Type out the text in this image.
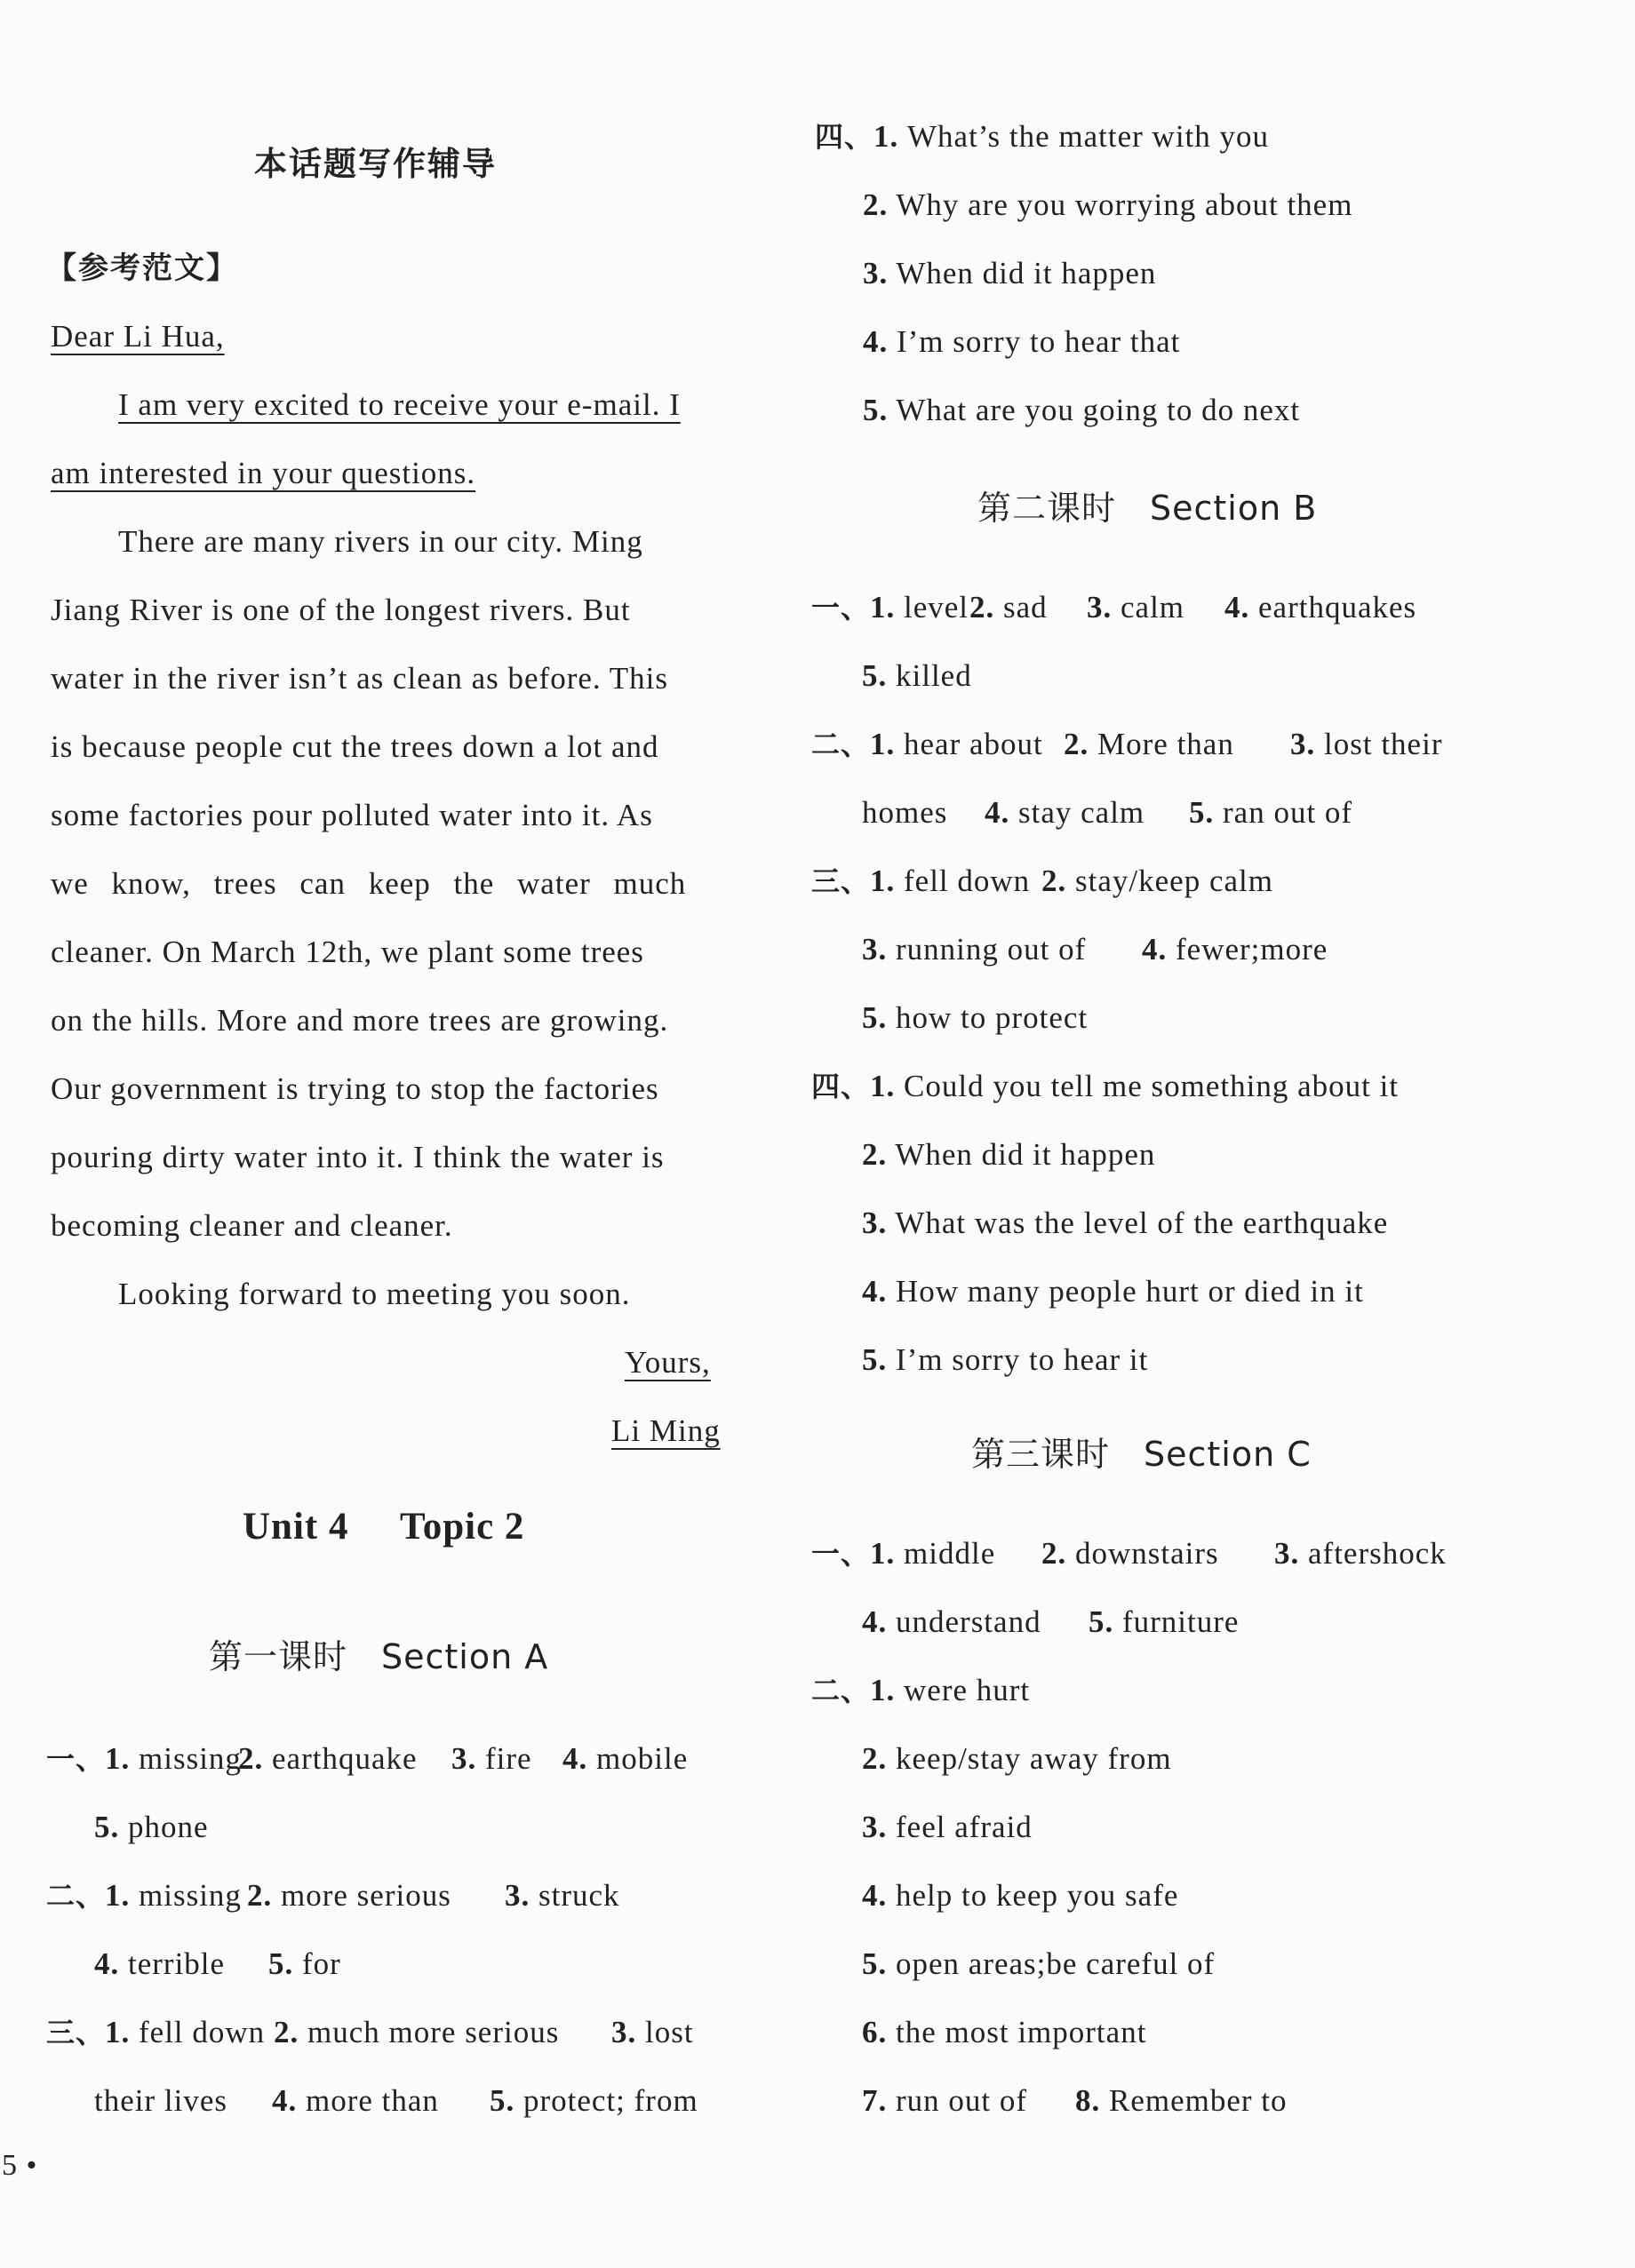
本话题写作辅导
【参考范文】
Dear Li Hua,
I am very excited to receive your e-mail. I
am interested in your questions.
There are many rivers in our city. Ming
Jiang River is one of the longest rivers. But
water in the river isn’t as clean as before. This
is because people cut the trees down a lot and
some factories pour polluted water into it. As
we know, trees can keep the water much
cleaner. On March 12th, we plant some trees
on the hills. More and more trees are growing.
Our government is trying to stop the factories
pouring dirty water into it. I think the water is
becoming cleaner and cleaner.
Looking forward to meeting you soon.
Yours,
Li Ming
Unit 4 Topic 2
第一课时 Section A
一、1. missing2. earthquake 3. fire 4. mobile
5. phone
二、1. missing 2. more serious 3. struck
4. terrible 5. for
三、1. fell down 2. much more serious 3. lost
their lives 4. more than 5. protect; from
5 •
四、1. What’s the matter with you
2. Why are you worrying about them
3. When did it happen
4. I’m sorry to hear that
5. What are you going to do next
第二课时 Section B
一、1. level2. sad 3. calm 4. earthquakes
5. killed
二、1. hear about 2. More than 3. lost their
homes 4. stay calm 5. ran out of
三、1. fell down 2. stay/keep calm
3. running out of 4. fewer;more
5. how to protect
四、1. Could you tell me something about it
2. When did it happen
3. What was the level of the earthquake
4. How many people hurt or died in it
5. I’m sorry to hear it
第三课时 Section C
一、1. middle 2. downstairs 3. aftershock
4. understand 5. furniture
二、1. were hurt
2. keep/stay away from
3. feel afraid
4. help to keep you safe
5. open areas;be careful of
6. the most important
7. run out of 8. Remember to
